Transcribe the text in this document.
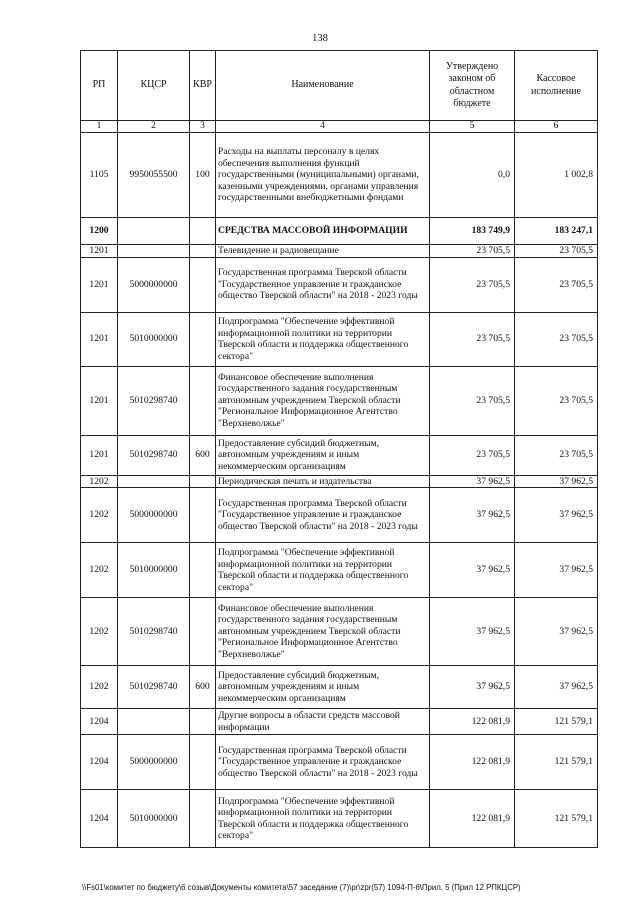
138
РП	КЦСР	КВР	Наименование	Утверждено законом об областном бюджете	Кассовое исполнение
1	2	3	4	5	6
1105	9950055500	100	Расходы на выплаты персоналу в целях обеспечения выполнения функций государственными (муниципальными) органами, казенными учреждениями, органами управления государственными внебюджетными фондами	0,0	1 002,8
1200			СРЕДСТВА МАССОВОЙ ИНФОРМАЦИИ	183 749,9	183 247,1
1201			Телевидение и радиовещание	23 705,5	23 705,5
1201	5000000000		Государственная программа Тверской области "Государственное управление и гражданское общество Тверской области" на 2018 - 2023 годы	23 705,5	23 705,5
1201	5010000000		Подпрограмма "Обеспечение эффективной информационной политики на территории Тверской области и поддержка общественного сектора"	23 705,5	23 705,5
1201	5010298740		Финансовое обеспечение выполнения государственного задания государственным автономным учреждением Тверской области "Региональное Информационное Агентство "Верхневолжье"	23 705,5	23 705,5
1201	5010298740	600	Предоставление субсидий бюджетным, автономным учреждениям и иным некоммерческим организациям	23 705,5	23 705,5
1202			Периодическая печать и издательства	37 962,5	37 962,5
1202	5000000000		Государственная программа Тверской области "Государственное управление и гражданское общество Тверской области" на 2018 - 2023 годы	37 962,5	37 962,5
1202	5010000000		Подпрограмма "Обеспечение эффективной информационной политики на территории Тверской области и поддержка общественного сектора"	37 962,5	37 962,5
1202	5010298740		Финансовое обеспечение выполнения государственного задания государственным автономным учреждением Тверской области "Региональное Информационное Агентство "Верхневолжье"	37 962,5	37 962,5
1202	5010298740	600	Предоставление субсидий бюджетным, автономным учреждениям и иным некоммерческим организациям	37 962,5	37 962,5
1204			Другие вопросы в области средств массовой информации	122 081,9	121 579,1
1204	5000000000		Государственная программа Тверской области "Государственное управление и гражданское общество Тверской области" на 2018 - 2023 годы	122 081,9	121 579,1
1204	5010000000		Подпрограмма "Обеспечение эффективной информационной политики на территории Тверской области и поддержка общественного сектора"	122 081,9	121 579,1
\\Fs01\комитет по бюджету\6 созыв\Документы комитета\57 заседание (7)\pr\zpr(57) 1094-П-6\Прил. 5 (Прил 12 РПКЦСР)
